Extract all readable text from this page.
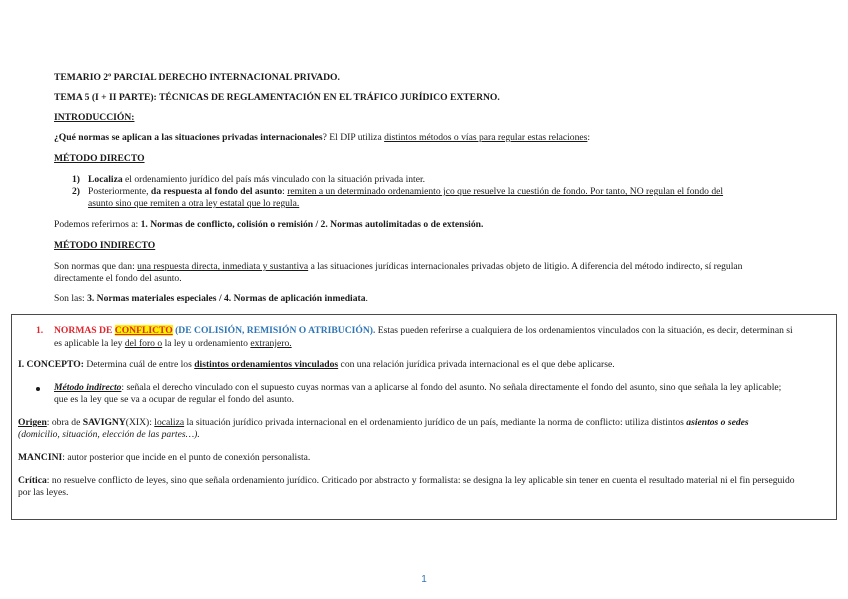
TEMARIO 2º PARCIAL DERECHO INTERNACIONAL PRIVADO.
TEMA 5 (I + II PARTE): TÉCNICAS DE REGLAMENTACIÓN EN EL TRÁFICO JURÍDICO EXTERNO.
INTRODUCCIÓN:
¿Qué normas se aplican a las situaciones privadas internacionales? El DIP utiliza distintos métodos o vías para regular estas relaciones:
MÉTODO DIRECTO
1) Localiza el ordenamiento jurídico del país más vinculado con la situación privada inter.
2) Posteriormente, da respuesta al fondo del asunto: remiten a un determinado ordenamiento jco que resuelve la cuestión de fondo. Por tanto, NO regulan el fondo del
asunto sino que remiten a otra ley estatal que lo regula.
Podemos referirnos a: 1. Normas de conflicto, colisión o remisión / 2. Normas autolimitadas o de extensión.
MÉTODO INDIRECTO
Son normas que dan: una respuesta directa, inmediata y sustantiva a las situaciones jurídicas internacionales privadas objeto de litigio. A diferencia del método indirecto, sí regulan
directamente el fondo del asunto.
Son las: 3. Normas materiales especiales / 4. Normas de aplicación inmediata.
1. NORMAS DE CONFLICTO (DE COLISIÓN, REMISIÓN O ATRIBUCIÓN). Estas pueden referirse a cualquiera de los ordenamientos vinculados con la situación, es decir, determinan si
es aplicable la ley del foro o la ley u ordenamiento extranjero.
I. CONCEPTO: Determina cuál de entre los distintos ordenamientos vinculados con una relación jurídica privada internacional es el que debe aplicarse.
Método indirecto: señala el derecho vinculado con el supuesto cuyas normas van a aplicarse al fondo del asunto. No señala directamente el fondo del asunto, sino que señala la ley aplicable;
que es la ley que se va a ocupar de regular el fondo del asunto.
Origen: obra de SAVIGNY(XIX): localiza la situación jurídico privada internacional en el ordenamiento jurídico de un país, mediante la norma de conflicto: utiliza distintos asientos o sedes
(domicilio, situación, elección de las partes…).
MANCINI: autor posterior que incide en el punto de conexión personalista.
Crítica: no resuelve conflicto de leyes, sino que señala ordenamiento jurídico. Criticado por abstracto y formalista: se designa la ley aplicable sin tener en cuenta el resultado material ni el fin perseguido
por las leyes.
1
